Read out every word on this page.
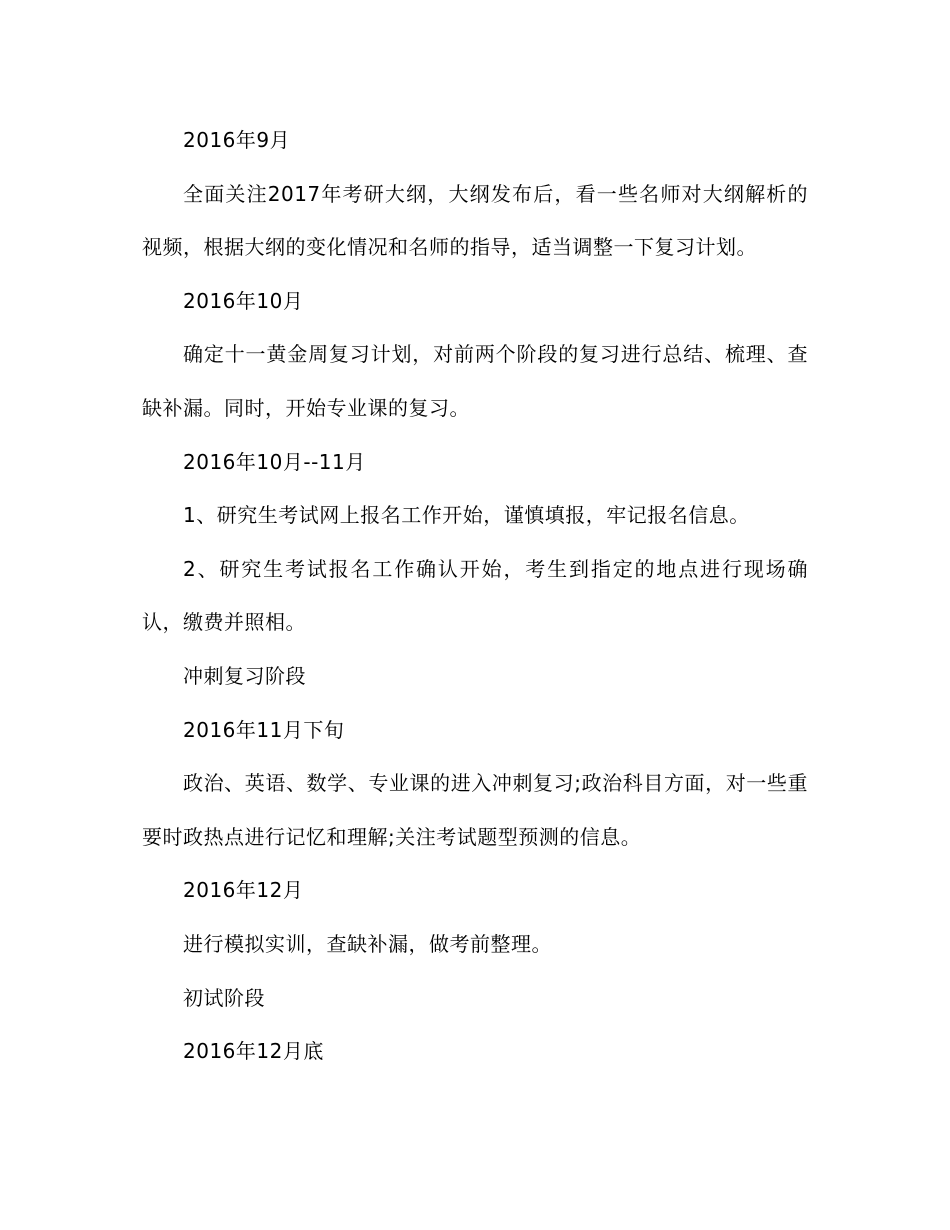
2016年9月

全面关注2017年考研大纲，大纲发布后，看一些名师对大纲解析的视频，根据大纲的变化情况和名师的指导，适当调整一下复习计划。

2016年10月

确定十一黄金周复习计划，对前两个阶段的复习进行总结、梳理、查缺补漏。同时，开始专业课的复习。

2016年10月--11月

1、研究生考试网上报名工作开始，谨慎填报，牢记报名信息。

2、研究生考试报名工作确认开始，考生到指定的地点进行现场确认，缴费并照相。

冲刺复习阶段

2016年11月下旬

政治、英语、数学、专业课的进入冲刺复习;政治科目方面，对一些重要时政热点进行记忆和理解;关注考试题型预测的信息。

2016年12月

进行模拟实训，查缺补漏，做考前整理。

初试阶段

2016年12月底
